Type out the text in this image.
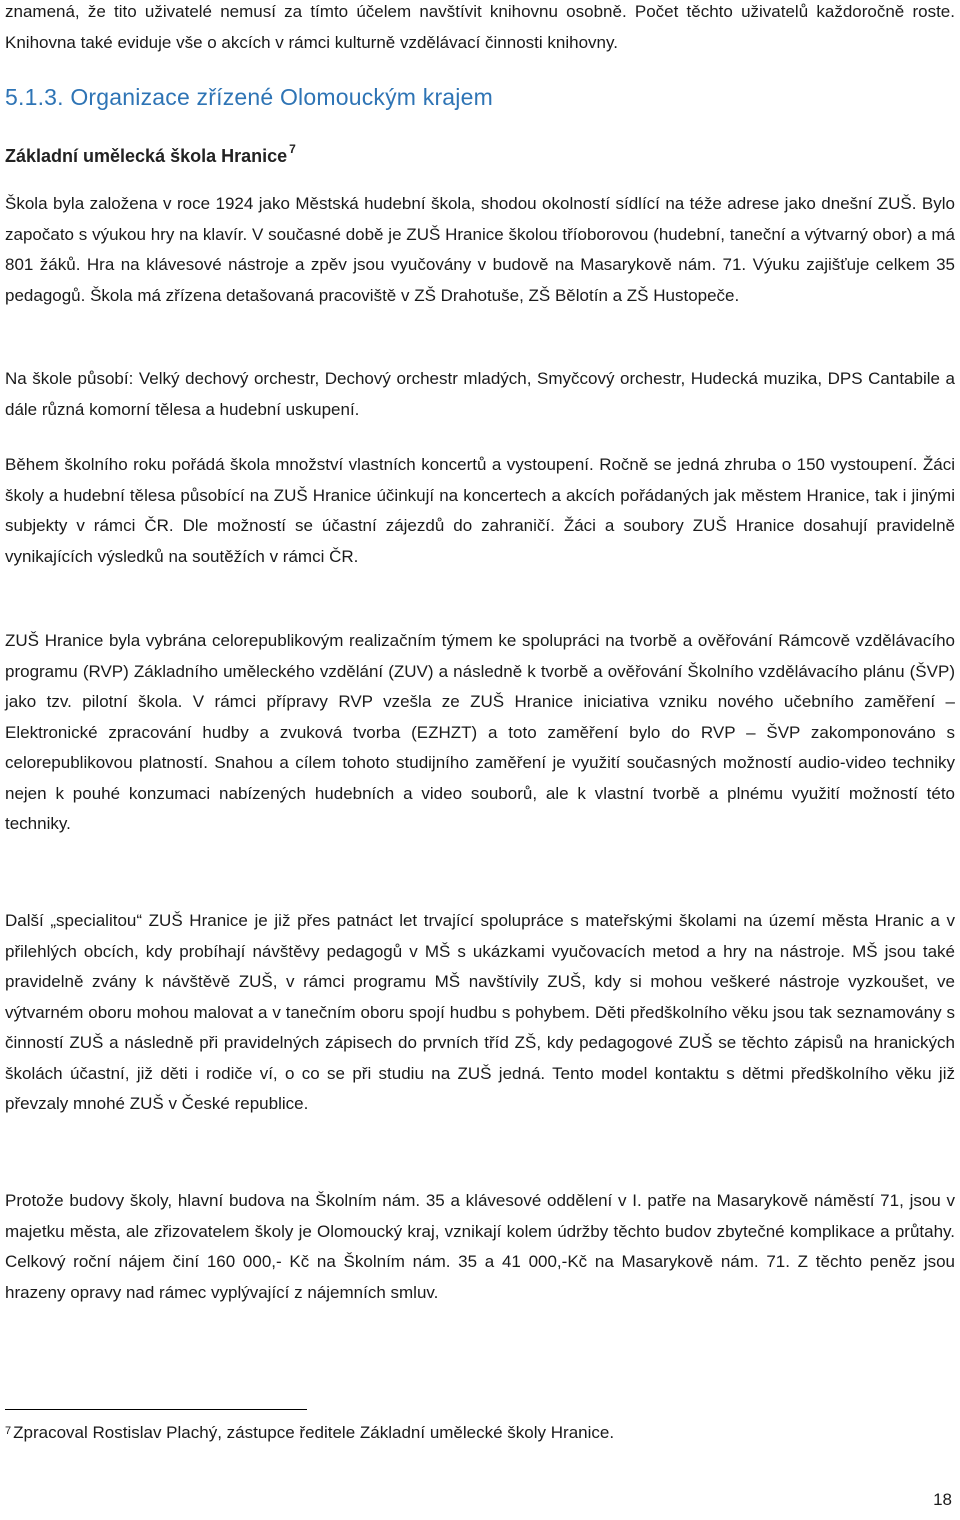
znamená, že tito uživatelé nemusí za tímto účelem navštívit knihovnu osobně. Počet těchto uživatelů každoročně roste. Knihovna také eviduje vše o akcích v rámci kulturně vzdělávací činnosti knihovny.

5.1.3. Organizace zřízené Olomouckým krajem
Základní umělecká škola Hranice $^7$

Škola byla založena v roce 1924 jako Městská hudební škola, shodou okolností sídlící na téže adrese jako dnešní ZUŠ. Bylo započato s výukou hry na klavír. V současné době je ZUŠ Hranice školou tříoborovou (hudební, taneční a výtvarný obor) a má 801 žáků. Hra na klávesové nástroje a zpěv jsou vyučovány v budově na Masarykově nám. 71. Výuku zajišťuje celkem 35 pedagogů. Škola má zřízena detašovaná pracoviště v ZŠ Drahotuše, ZŠ Bělotín a ZŠ Hustopeče.

Na škole působí: Velký dechový orchestr, Dechový orchestr mladých, Smyčcový orchestr, Hudecká muzika, DPS Cantabile a dále různá komorní tělesa a hudební uskupení.

Během školního roku pořádá škola množství vlastních koncertů a vystoupení. Ročně se jedná zhruba o 150 vystoupení. Žáci školy a hudební tělesa působící na ZUŠ Hranice účinkují na koncertech a akcích pořádaných jak městem Hranice, tak i jinými subjekty v rámci ČR. Dle možností se účastní zájezdů do zahraničí. Žáci a soubory ZUŠ Hranice dosahují pravidelně vynikajících výsledků na soutěžích v rámci ČR.

ZUŠ Hranice byla vybrána celorepublikovým realizačním týmem ke spolupráci na tvorbě a ověřování Rámcově vzdělávacího programu (RVP) Základního uměleckého vzdělání (ZUV) a následně k tvorbě a ověřování Školního vzdělávacího plánu (ŠVP) jako tzv. pilotní škola. V rámci přípravy RVP vzešla ze ZUŠ Hranice iniciativa vzniku nového učebního zaměření – Elektronické zpracování hudby a zvuková tvorba (EZHZT) a toto zaměření bylo do RVP – ŠVP zakomponováno s celorepublikovou platností. Snahou a cílem tohoto studijního zaměření je využití současných možností audio-video techniky nejen k pouhé konzumaci nabízených hudebních a video souborů, ale k vlastní tvorbě a plnému využití možností této techniky.

Další „specialitou“ ZUŠ Hranice je již přes patnáct let trvající spolupráce s mateřskými školami na území města Hranic a v přilehlých obcích, kdy probíhají návštěvy pedagogů v MŠ s ukázkami vyučovacích metod a hry na nástroje. MŠ jsou také pravidelně zvány k návštěvě ZUŠ, v rámci programu MŠ navštívily ZUŠ, kdy si mohou veškeré nástroje vyzkoušet, ve výtvarném oboru mohou malovat a v tanečním oboru spojí hudbu s pohybem. Děti předškolního věku jsou tak seznamovány s činností ZUŠ a následně při pravidelných zápisech do prvních tříd ZŠ, kdy pedagogové ZUŠ se těchto zápisů na hranických školách účastní, již děti i rodiče ví, o co se při studiu na ZUŠ jedná. Tento model kontaktu s dětmi předškolního věku již převzaly mnohé ZUŠ v České republice.

Protože budovy školy, hlavní budova na Školním nám. 35 a klávesové oddělení v I. patře na Masarykově náměstí 71, jsou v majetku města, ale zřizovatelem školy je Olomoucký kraj, vznikají kolem údržby těchto budov zbytečné komplikace a průtahy. Celkový roční nájem činí 160 000,- Kč na Školním nám. 35 a 41 000,-Kč na Masarykově nám. 71. Z těchto peněz jsou hrazeny opravy nad rámec vyplývající z nájemních smluv.

$^7$ Zpracoval Rostislav Plachý, zástupce ředitele Základní umělecké školy Hranice.
18
